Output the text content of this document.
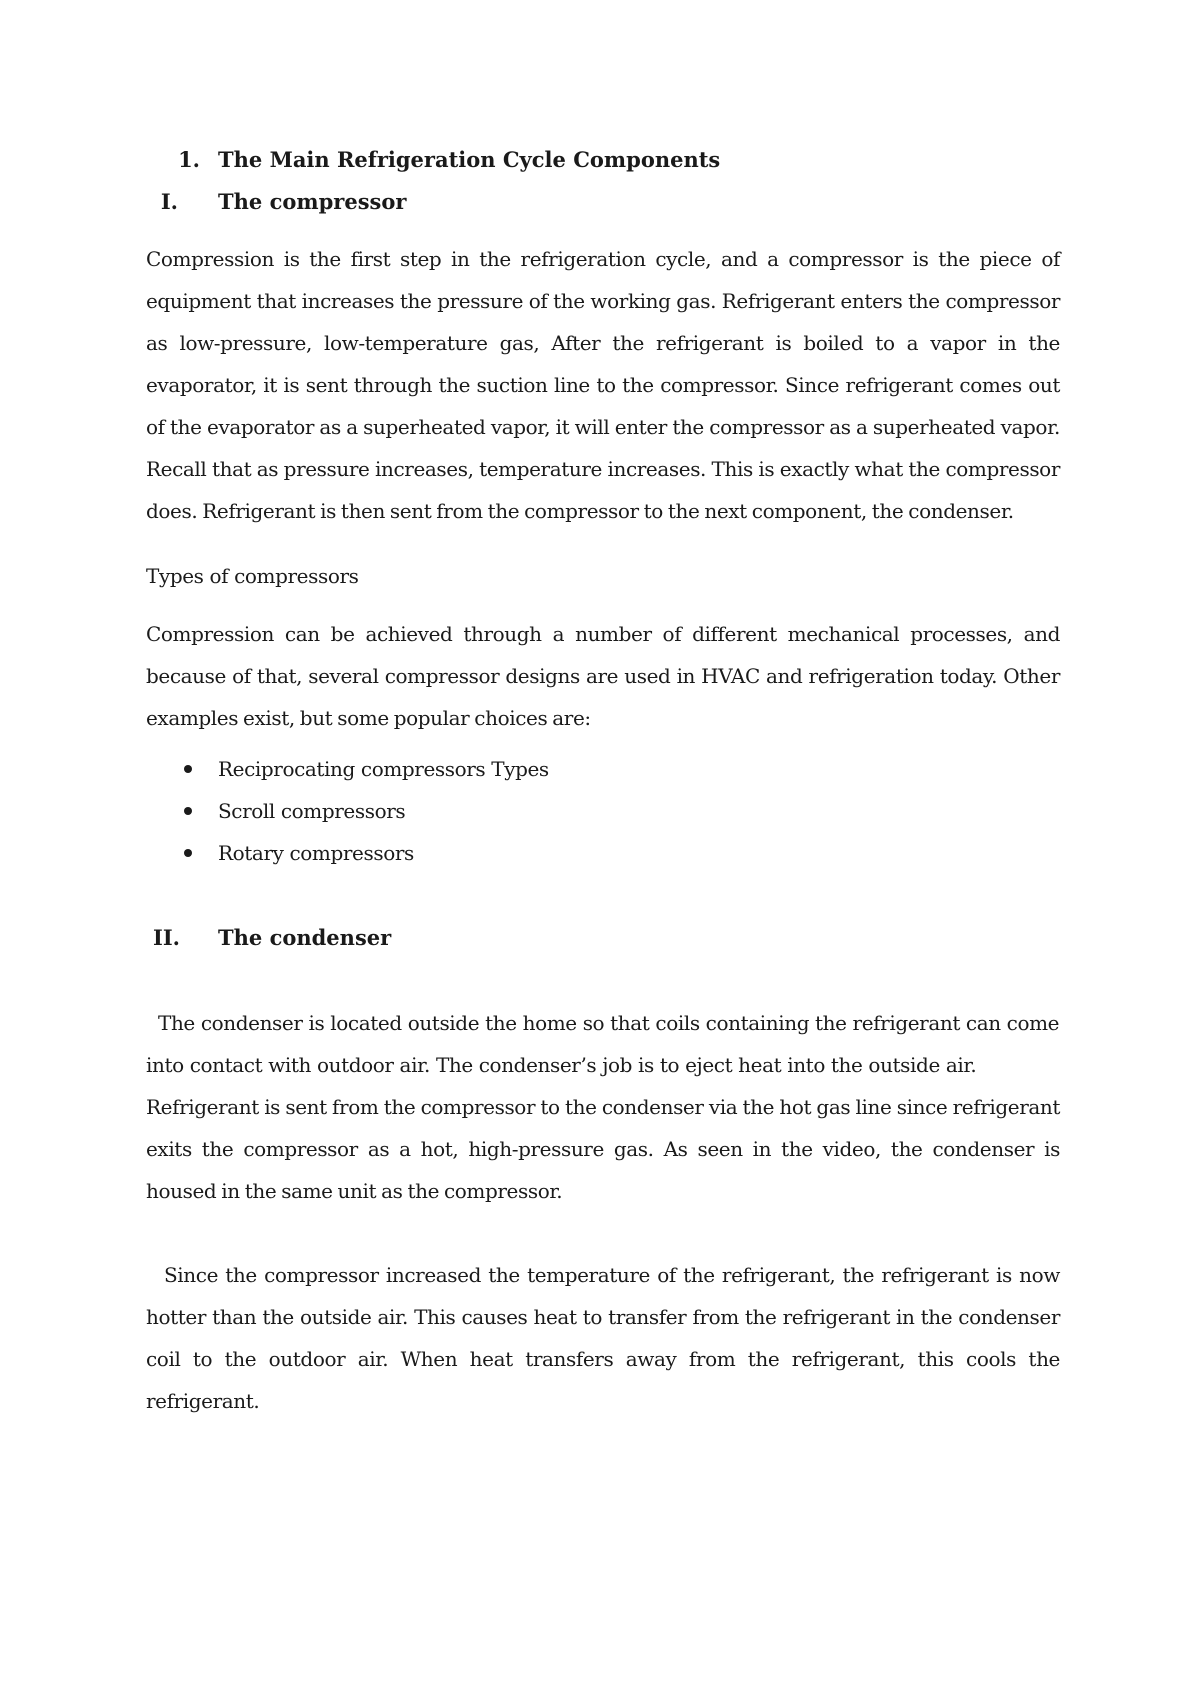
1. The Main Refrigeration Cycle Components
I. The compressor

Compression is the first step in the refrigeration cycle, and a compressor is the piece of equipment that increases the pressure of the working gas. Refrigerant enters the compressor as low-pressure, low-temperature gas, After the refrigerant is boiled to a vapor in the evaporator, it is sent through the suction line to the compressor. Since refrigerant comes out of the evaporator as a superheated vapor, it will enter the compressor as a superheated vapor. Recall that as pressure increases, temperature increases. This is exactly what the compressor does. Refrigerant is then sent from the compressor to the next component, the condenser.

Types of compressors

Compression can be achieved through a number of different mechanical processes, and because of that, several compressor designs are used in HVAC and refrigeration today. Other examples exist, but some popular choices are:

Reciprocating compressors Types
Scroll compressors
Rotary compressors
II. The condenser
The condenser is located outside the home so that coils containing the refrigerant can come
into contact with outdoor air. The condenser’s job is to eject heat into the outside air.

Refrigerant is sent from the compressor to the condenser via the hot gas line since refrigerant exits the compressor as a hot, high-pressure gas. As seen in the video, the condenser is housed in the same unit as the compressor.

Since the compressor increased the temperature of the refrigerant, the refrigerant is now hotter than the outside air. This causes heat to transfer from the refrigerant in the condenser coil to the outdoor air. When heat transfers away from the refrigerant, this cools the refrigerant.
